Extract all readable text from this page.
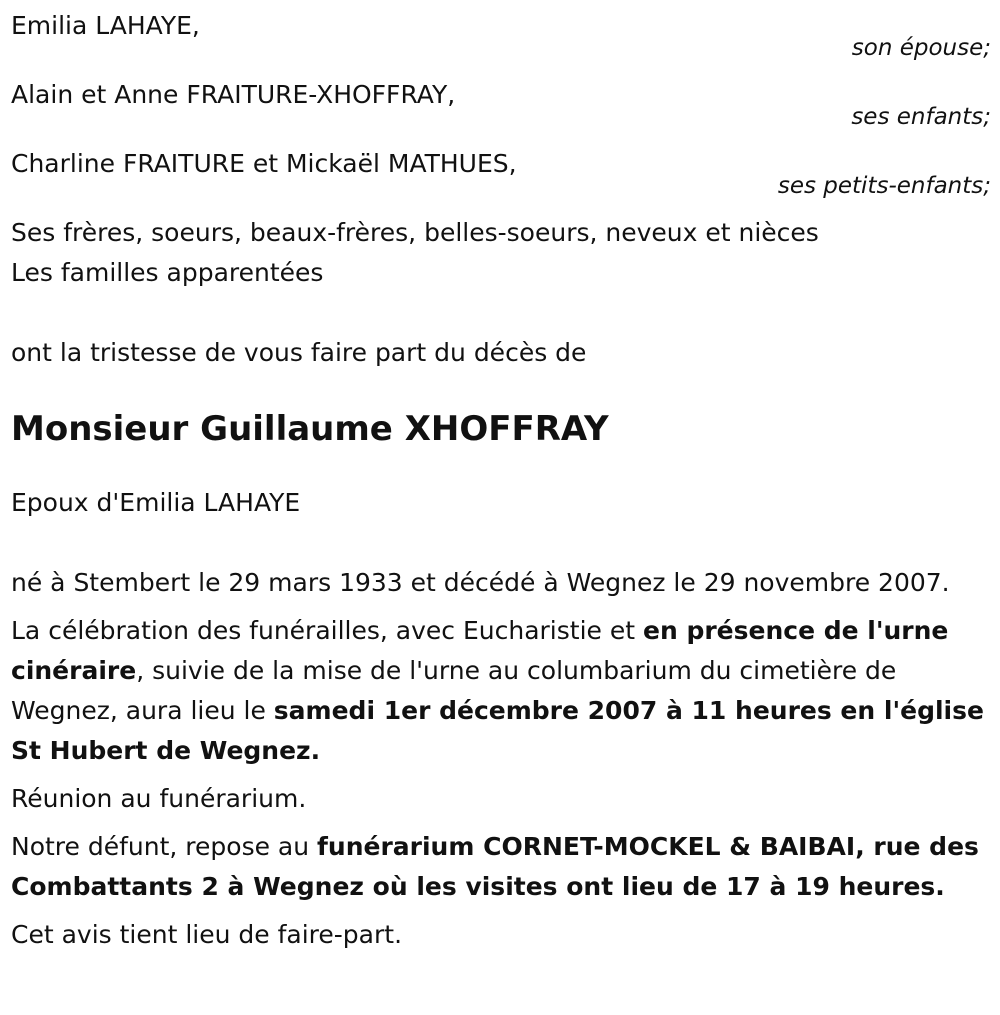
Emilia LAHAYE,
son épouse;
Alain et Anne FRAITURE-XHOFFRAY,
ses enfants;
Charline FRAITURE et Mickaël MATHUES,
ses petits-enfants;
Ses frères, soeurs, beaux-frères, belles-soeurs, neveux et nièces
Les familles apparentées
ont la tristesse de vous faire part du décès de
Monsieur Guillaume XHOFFRAY
Epoux d'Emilia LAHAYE
né à Stembert le 29 mars 1933 et décédé à Wegnez le 29 novembre 2007.
La célébration des funérailles, avec Eucharistie et en présence de l'urne cinéraire, suivie de la mise de l'urne au columbarium du cimetière de Wegnez, aura lieu le samedi 1er décembre 2007 à 11 heures en l'église St Hubert de Wegnez.
Réunion au funérarium.
Notre défunt, repose au funérarium CORNET-MOCKEL & BAIBAI, rue des Combattants 2 à Wegnez où les visites ont lieu de 17 à 19 heures.
Cet avis tient lieu de faire-part.
